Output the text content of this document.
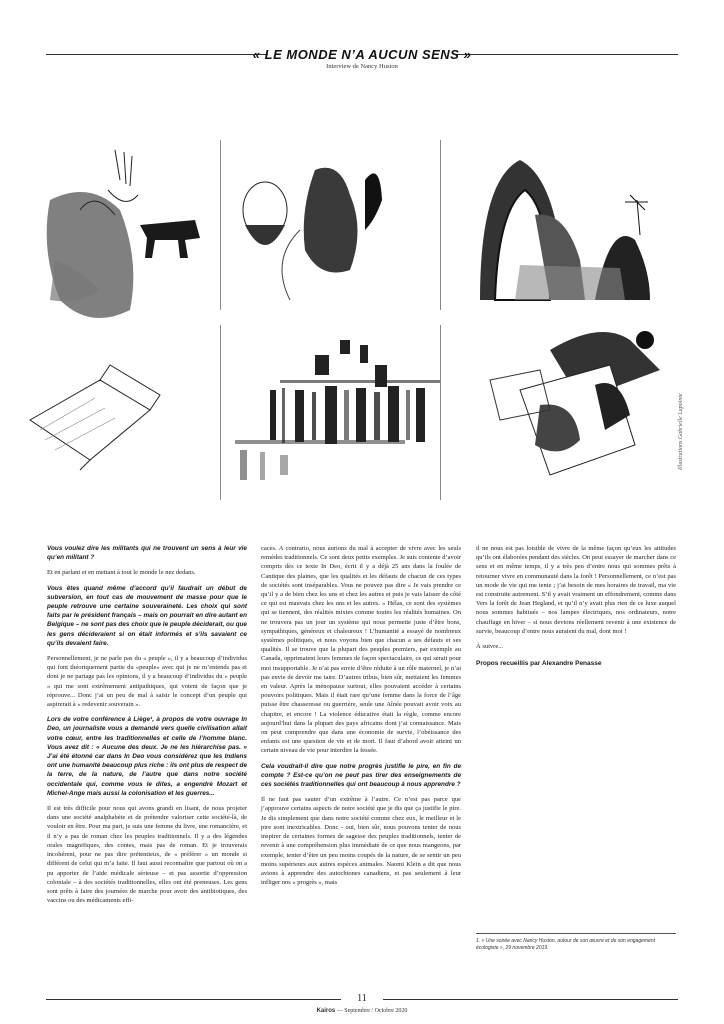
« LE MONDE N’A AUCUN SENS »
Interview de Nancy Huston
Illustrations Gabrielle Lapointe

Vous voulez dire les militants qui ne trouvent un sens à leur vie qu’en militant ?

Et en parlant et en mettant à tout le monde le nez dedans.

Vous êtes quand même d’accord qu’il faudrait un début de subversion, en tout cas de mouvement de masse pour que le peuple retrouve une certaine souveraineté. Les choix qui sont faits par le président français – mais on pourrait en dire autant en Belgique – ne sont pas des choix que le peuple déciderait, ou que les gens décideraient si on était informés et s’ils savaient ce qu’ils devaient faire.

Personnellement, je ne parle pas du « peuple », il y a beaucoup d’individus qui font théoriquement partie du «peuple» avec qui je ne m’entends pas et dont je ne partage pas les opinions, il y a beaucoup d’individus du « peuple » qui me sont extrêmement antipathiques, qui votent de façon que je réprouve... Donc j’ai un peu de mal à saisir le concept d’un peuple qui aspirerait à « redevenir souverain ».

Lors de votre conférence à Liège¹, à propos de votre ouvrage In Deo, un journaliste vous a demandé vers quelle civilisation allait votre cœur, entre les traditionnelles et celle de l’homme blanc. Vous avez dit : « Aucune des deux. Je ne les hiérarchise pas. » J’ai été étonné car dans In Deo vous considérez que les Indiens ont une humanité beaucoup plus riche : ils ont plus de respect de la terre, de la nature, de l’autre que dans notre société occidentale qui, comme vous le dites, a engendré Mozart et Michel-Ange mais aussi la colonisation et les guerres...

Il est très difficile pour nous qui avons grandi en lisant, de nous projeter dans une société analphabète et de prétendre valoriser cette société-là, de vouloir en être. Pour ma part, je suis une femme du livre, une romancière, et il n’y a pas de roman chez les peuples traditionnels. Il y a des légendes orales magnifiques, des contes, mais pas de roman. Et je trouverais incohérent, pour ne pas dire prétentieux, de « préférer » un monde si différent de celui qui m’a faite. Il faut aussi reconnaître que partout où on a pu apporter de l’aide médicale sérieuse – et pas assortie d’oppression coloniale – à des sociétés traditionnelles, elles ont été preneuses. Les gens sont prêts à faire des journées de marche pour avoir des antibiotiques, des vaccins ou des médicaments effi-

caces. A contrario, nous aurions du mal à accepter de vivre avec les seuls remèdes traditionnels. Ce sont deux petits exemples. Je suis contente d’avoir compris dès ce texte In Deo, écrit il y a déjà 25 ans dans la foulée de Cantique des plaines, que les qualités et les défauts de chacun de ces types de sociétés sont inséparables. Vous ne pouvez pas dire « Je vais prendre ce qu’il y a de bien chez les uns et chez les autres et puis je vais laisser de côté ce qui est mauvais chez les uns et les autres. » Hélas, ce sont des systèmes qui se tiennent, des réalités mixtes comme toutes les réalités humaines. On ne trouvera pas un jour un système qui nous permette juste d’être bons, sympathiques, généreux et chaleureux ! L’humanité a essayé de nombreux systèmes politiques, et nous voyons bien que chacun a ses défauts et ses qualités. Il se trouve que la plupart des peuples premiers, par exemple au Canada, opprimaient leurs femmes de façon spectaculaire, ce qui serait pour moi insupportable. Je n’ai pas envie d’être réduite à un rôle maternel, je n’ai pas envie de devoir me taire. D’autres tribus, bien sûr, mettaient les femmes en valeur. Après la ménopause surtout, elles pouvaient accéder à certains pouvoirs politiques. Mais il était rare qu’une femme dans la force de l’âge puisse être chasseresse ou guerrière, seule une Aînée pouvait avoir voix au chapitre, et encore ! La violence éducative était la règle, comme encore aujourd’hui dans la plupart des pays africains dont j’ai connaissance. Mais on peut comprendre que dans une économie de survie, l’obéissance des enfants est une question de vie et de mort. Il faut d’abord avoir atteint un certain niveau de vie pour interdire la fessée.

Cela voudrait-il dire que notre progrès justifie le pire, en fin de compte ? Est-ce qu’on ne peut pas tirer des enseignements de ces sociétés traditionnelles qui ont beaucoup à nous apprendre ?

Il ne faut pas sauter d’un extrême à l’autre. Ce n’est pas parce que j’approuve certains aspects de notre société que je dis que ça justifie le pire. Je dis simplement que dans notre société comme chez eux, le meilleur et le pire sont inextricables. Donc - oui, bien sûr, nous pouvons tenter de nous inspirer de certaines formes de sagesse des peuples traditionnels, tenter de revenir à une compréhension plus immédiate de ce que nous mangeons, par exemple, tenter d’être un peu moins coupés de la nature, de se sentir un peu moins supérieurs aux autres espèces animales. Naomi Klein a dit que nous avions à apprendre des autochtones canadiens, et pas seulement à leur infliger nos « progrès », mais

il ne nous est pas loisible de vivre de la même façon qu’eux les attitudes qu’ils ont élaborées pendant des siècles. On peut essayer de marcher dans ce sens et en même temps, il y a très peu d’entre nous qui sommes prêts à retourner vivre en communauté dans la forêt ! Personnellement, ce n’est pas un mode de vie qui me tente ; j’ai besoin de mes horaires de travail, ma vie est construite autrement. S’il y avait vraiment un effondrement, comme dans Vers la forêt de Jean Hegland, et qu’il n’y avait plus rien de ce luxe auquel nous sommes habitués – nos lampes électriques, nos ordinateurs, notre chauffage en hiver – si nous devions réellement revenir à une existence de survie, beaucoup d’entre nous auraient du mal, dont moi !

À suivre...

Propos recueillis par Alexandre Penasse

1. « Une soirée avec Nancy Huston, autour de son œuvre et de son engagement écologiste », 29 novembre 2019.
11
Kairos — Septembre / Octobre 2020
